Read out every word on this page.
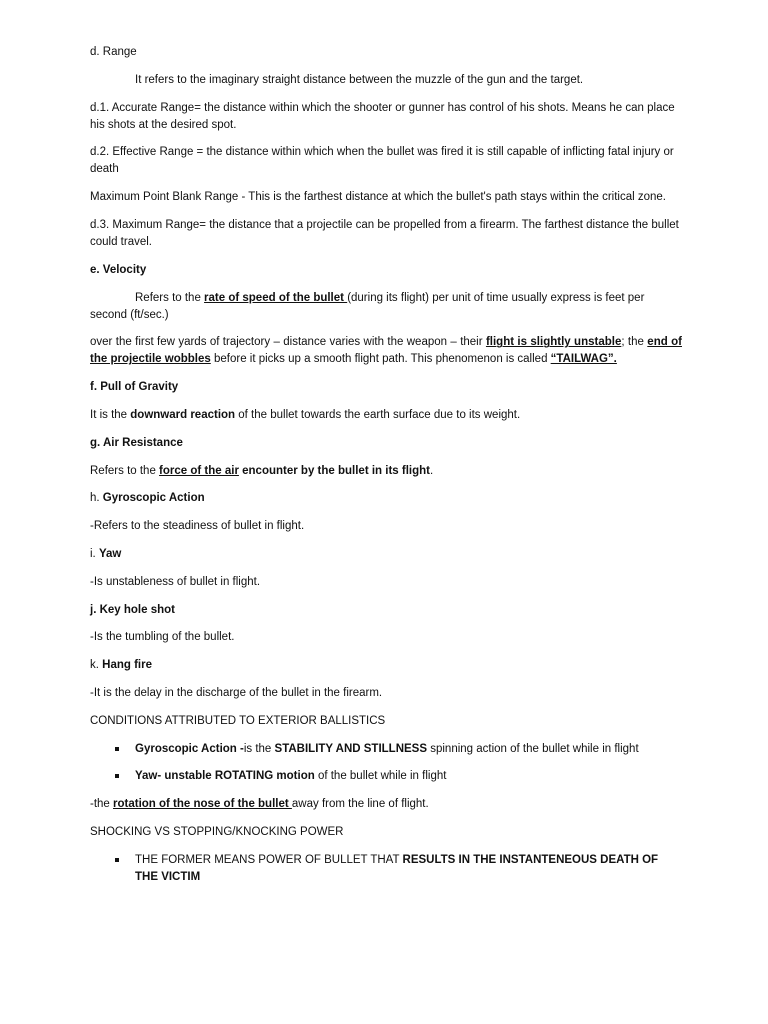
d. Range

It refers to the imaginary straight distance between the muzzle of the gun and the target.

d.1. Accurate Range= the distance within which the shooter or gunner has control of his shots. Means he can place his shots at the desired spot.

d.2. Effective Range = the distance within which when the bullet was fired it is still capable of inflicting fatal injury or death

Maximum Point Blank Range - This is the farthest distance at which the bullet's path stays within the critical zone.

d.3. Maximum Range= the distance that a projectile can be propelled from a firearm. The farthest distance the bullet could travel.

e. Velocity

Refers to the rate of speed of the bullet (during its flight) per unit of time usually express is feet per second (ft/sec.)

over the first few yards of trajectory – distance varies with the weapon – their flight is slightly unstable; the end of the projectile wobbles before it picks up a smooth flight path. This phenomenon is called “TAILWAG”.

f. Pull of Gravity

It is the downward reaction of the bullet towards the earth surface due to its weight.

g. Air Resistance

Refers to the force of the air encounter by the bullet in its flight.

h. Gyroscopic Action

-Refers to the steadiness of bullet in flight.

i. Yaw

-Is unstableness of bullet in flight.

j. Key hole shot

-Is the tumbling of the bullet.

k. Hang fire

-It is the delay in the discharge of the bullet in the firearm.

CONDITIONS ATTRIBUTED TO EXTERIOR BALLISTICS

Gyroscopic Action -is the STABILITY AND STILLNESS spinning action of the bullet while in flight
Yaw- unstable ROTATING motion of the bullet while in flight

-the rotation of the nose of the bullet away from the line of flight.

SHOCKING VS STOPPING/KNOCKING POWER

THE FORMER MEANS POWER OF BULLET THAT RESULTS IN THE INSTANTENEOUS DEATH OF THE VICTIM
